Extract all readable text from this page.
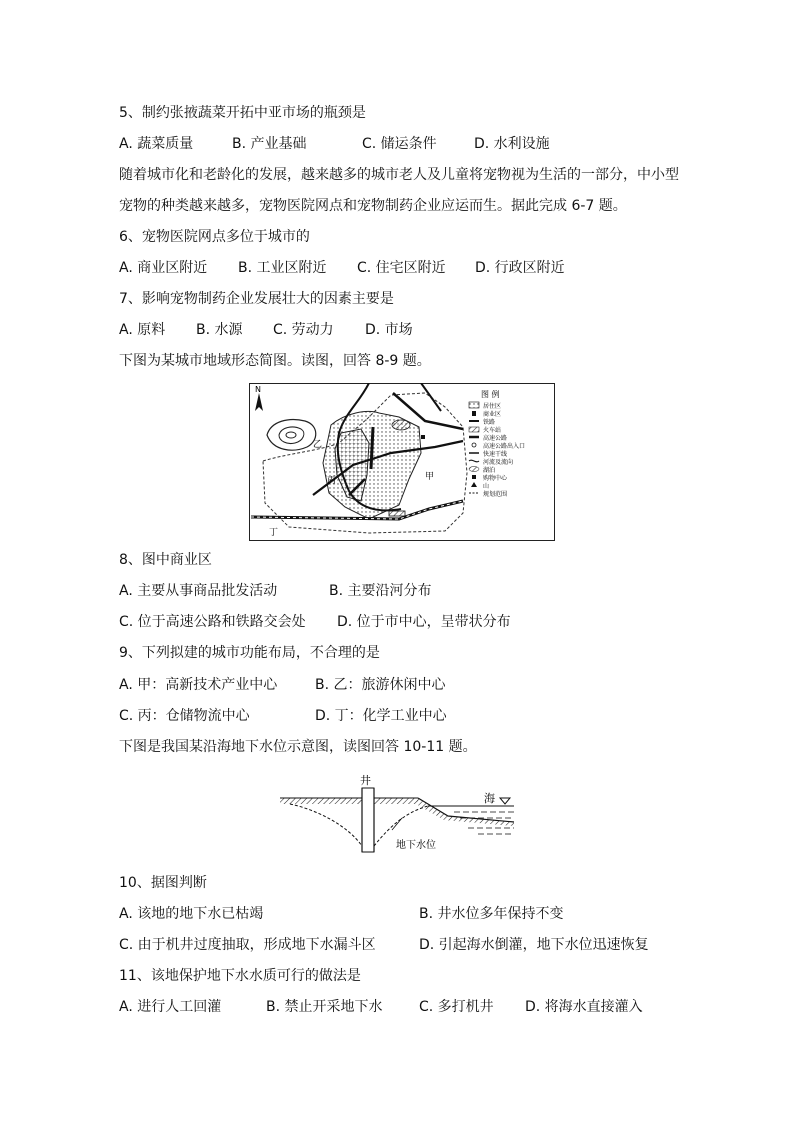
5、制约张掖蔬菜开拓中亚市场的瓶颈是
A. 蔬菜质量	B. 产业基础	C. 储运条件	D. 水利设施
随着城市化和老龄化的发展，越来越多的城市老人及儿童将宠物视为生活的一部分，中小型
宠物的种类越来越多，宠物医院网点和宠物制药企业应运而生。据此完成 6-7 题。
6、宠物医院网点多位于城市的
A. 商业区附近 B. 工业区附近 C. 住宅区附近 D. 行政区附近
7、影响宠物制药企业发展壮大的因素主要是
A. 原料 B. 水源 C. 劳动力 D. 市场
下图为某城市地域形态简图。读图，回答 8-9 题。
N
乙
丙	甲
丁
图 例
居住区
商业区
铁路
火车站
高速公路
高速公路出入口
快速干线
河流及流向
湖泊
购物中心
山
规划范围
8、图中商业区
A. 主要从事商品批发活动	B. 主要沿河分布
C. 位于高速公路和铁路交会处 D. 位于市中心，呈带状分布
9、下列拟建的城市功能布局，不合理的是
A. 甲：高新技术产业中心	B. 乙：旅游休闲中心
C. 丙：仓储物流中心	D. 丁：化学工业中心
下图是我国某沿海地下水位示意图，读图回答 10-11 题。
井
海
地下水位
10、据图判断
A. 该地的地下水已枯竭	B. 井水位多年保持不变
C. 由于机井过度抽取，形成地下水漏斗区	D. 引起海水倒灌，地下水位迅速恢复
11、该地保护地下水水质可行的做法是
A. 进行人工回灌	B. 禁止开采地下水	C. 多打机井 D. 将海水直接灌入
